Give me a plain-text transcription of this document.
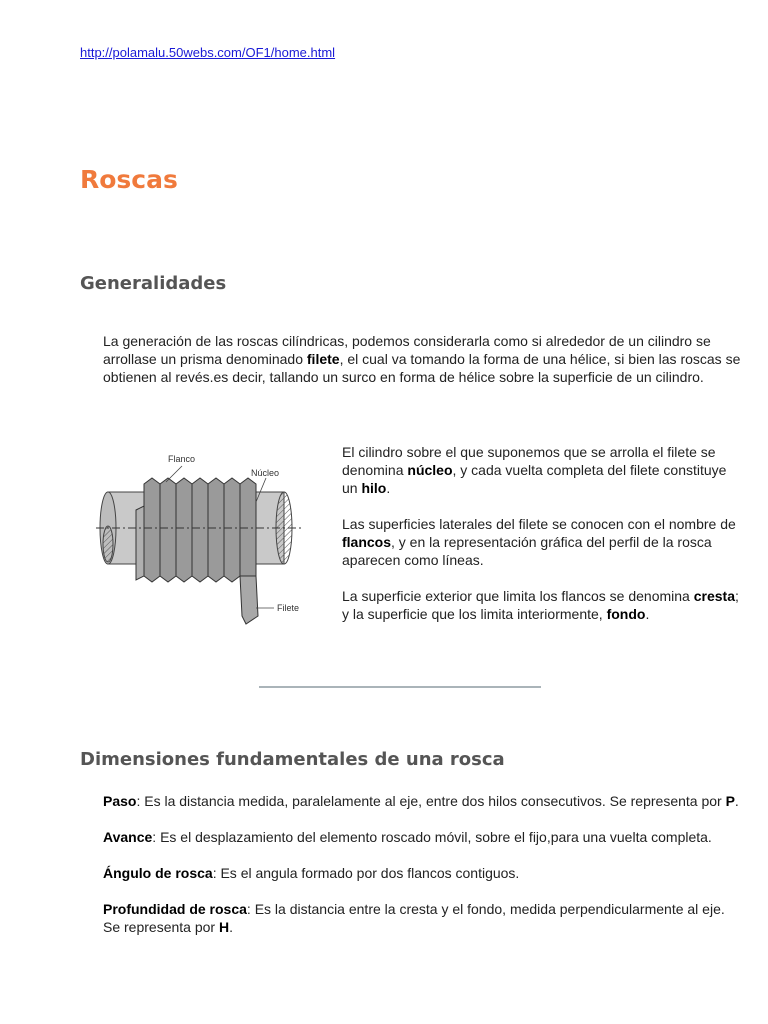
http://polamalu.50webs.com/OF1/home.html
Roscas
Generalidades

La generación de las roscas cilíndricas, podemos considerarla como si alrededor de un cilindro se arrollase un prisma denominado filete, el cual va tomando la forma de una hélice, si bien las roscas se obtienen al revés.es decir, tallando un surco en forma de hélice sobre la superficie de un cilindro.

Flanco
Núcleo
Filete

El cilindro sobre el que suponemos que se arrolla el filete se denomina núcleo, y cada vuelta completa del filete constituye un hilo.

Las superficies laterales del filete se conocen con el nombre de flancos, y en la representación gráfica del perfil de la rosca aparecen como líneas.

La superficie exterior que limita los flancos se denomina cresta; y la superficie que los limita interiormente, fondo.

Dimensiones fundamentales de una rosca

Paso: Es la distancia medida, paralelamente al eje, entre dos hilos consecutivos. Se representa por P.

Avance: Es el desplazamiento del elemento roscado móvil, sobre el fijo,para una vuelta completa.

Ángulo de rosca: Es el angula formado por dos flancos contiguos.

Profundidad de rosca: Es la distancia entre la cresta y el fondo, medida perpendicularmente al eje. Se representa por H.
